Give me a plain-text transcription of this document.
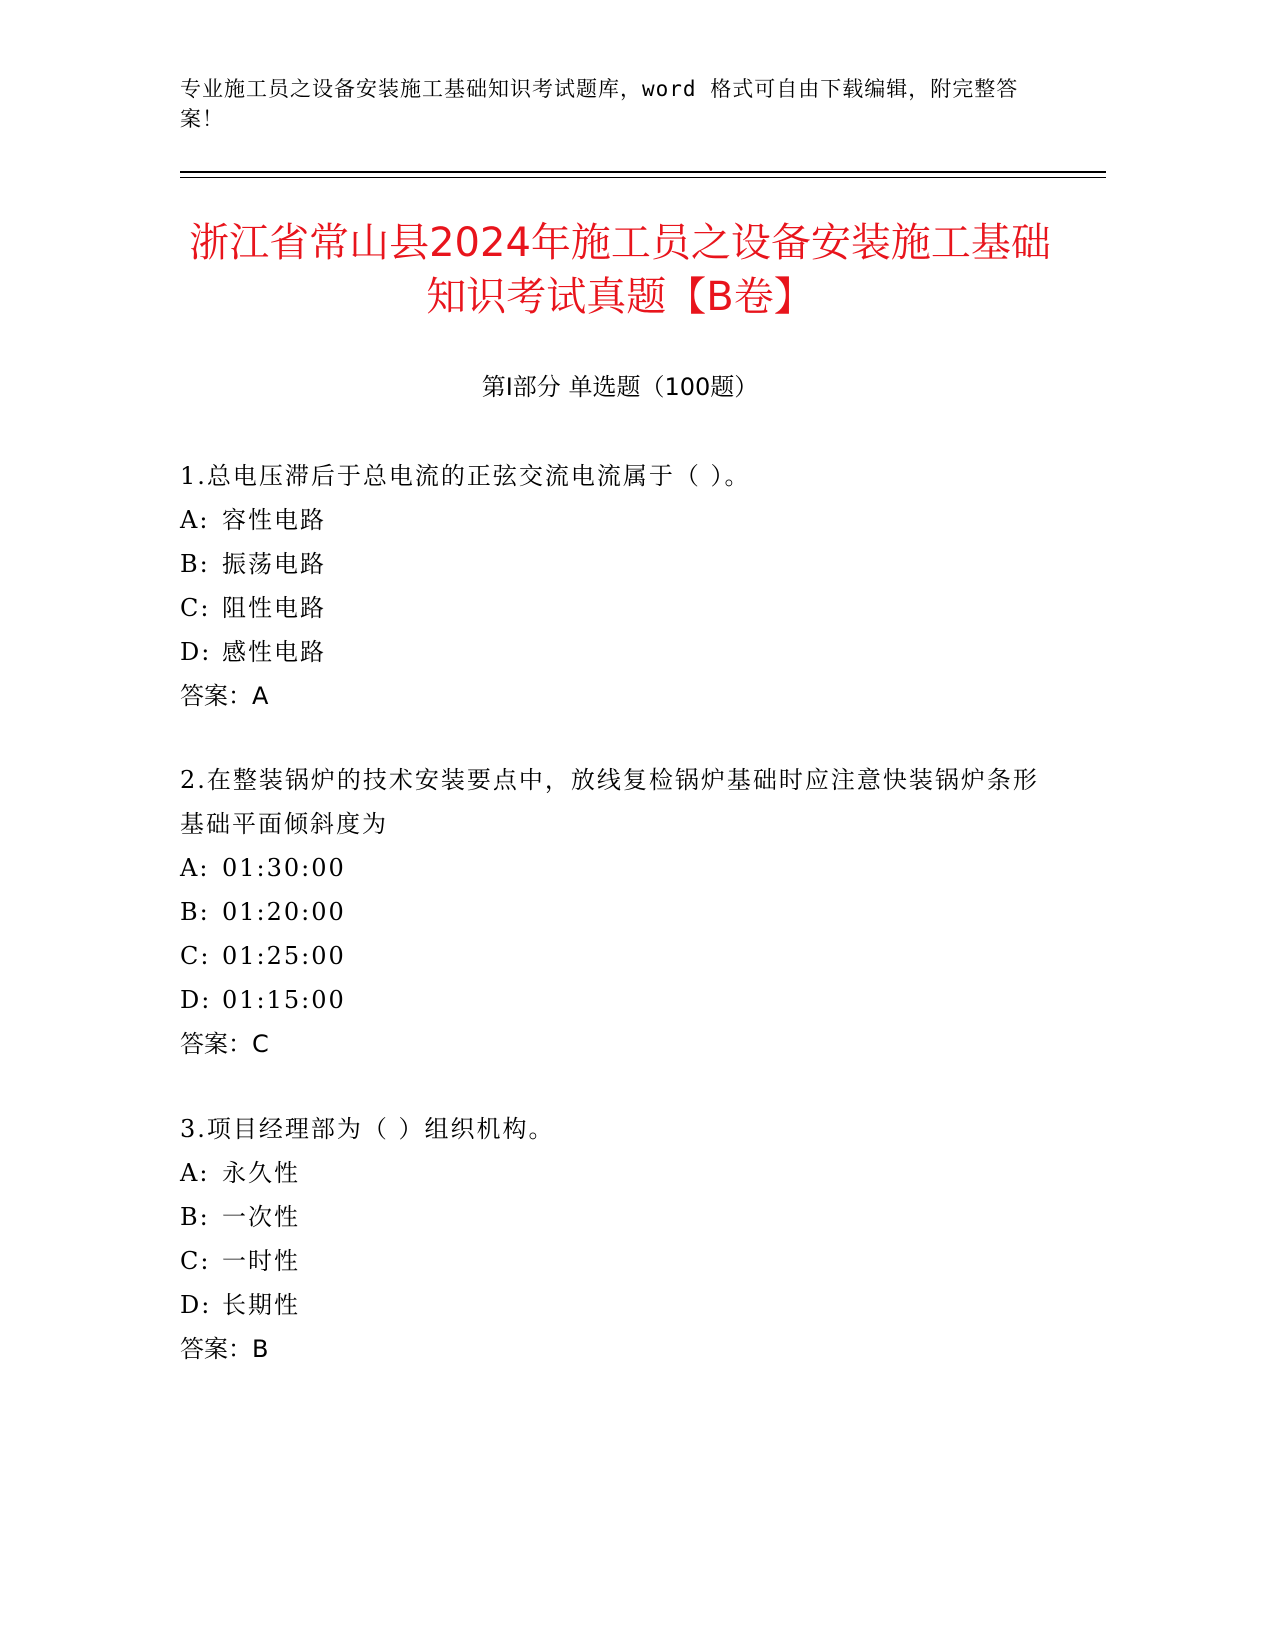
专业施工员之设备安装施工基础知识考试题库，word 格式可自由下载编辑，附完整答案！
浙江省常山县2024年施工员之设备安装施工基础知识考试真题【B卷】
第Ⅰ部分 单选题（100题）
1.总电压滞后于总电流的正弦交流电流属于（ ）。
A: 容性电路
B: 振荡电路
C: 阻性电路
D: 感性电路
答案：A
2.在整装锅炉的技术安装要点中，放线复检锅炉基础时应注意快装锅炉条形基础平面倾斜度为
A: 01:30:00
B: 01:20:00
C: 01:25:00
D: 01:15:00
答案：C
3.项目经理部为（ ）组织机构。
A: 永久性
B: 一次性
C: 一时性
D: 长期性
答案：B
